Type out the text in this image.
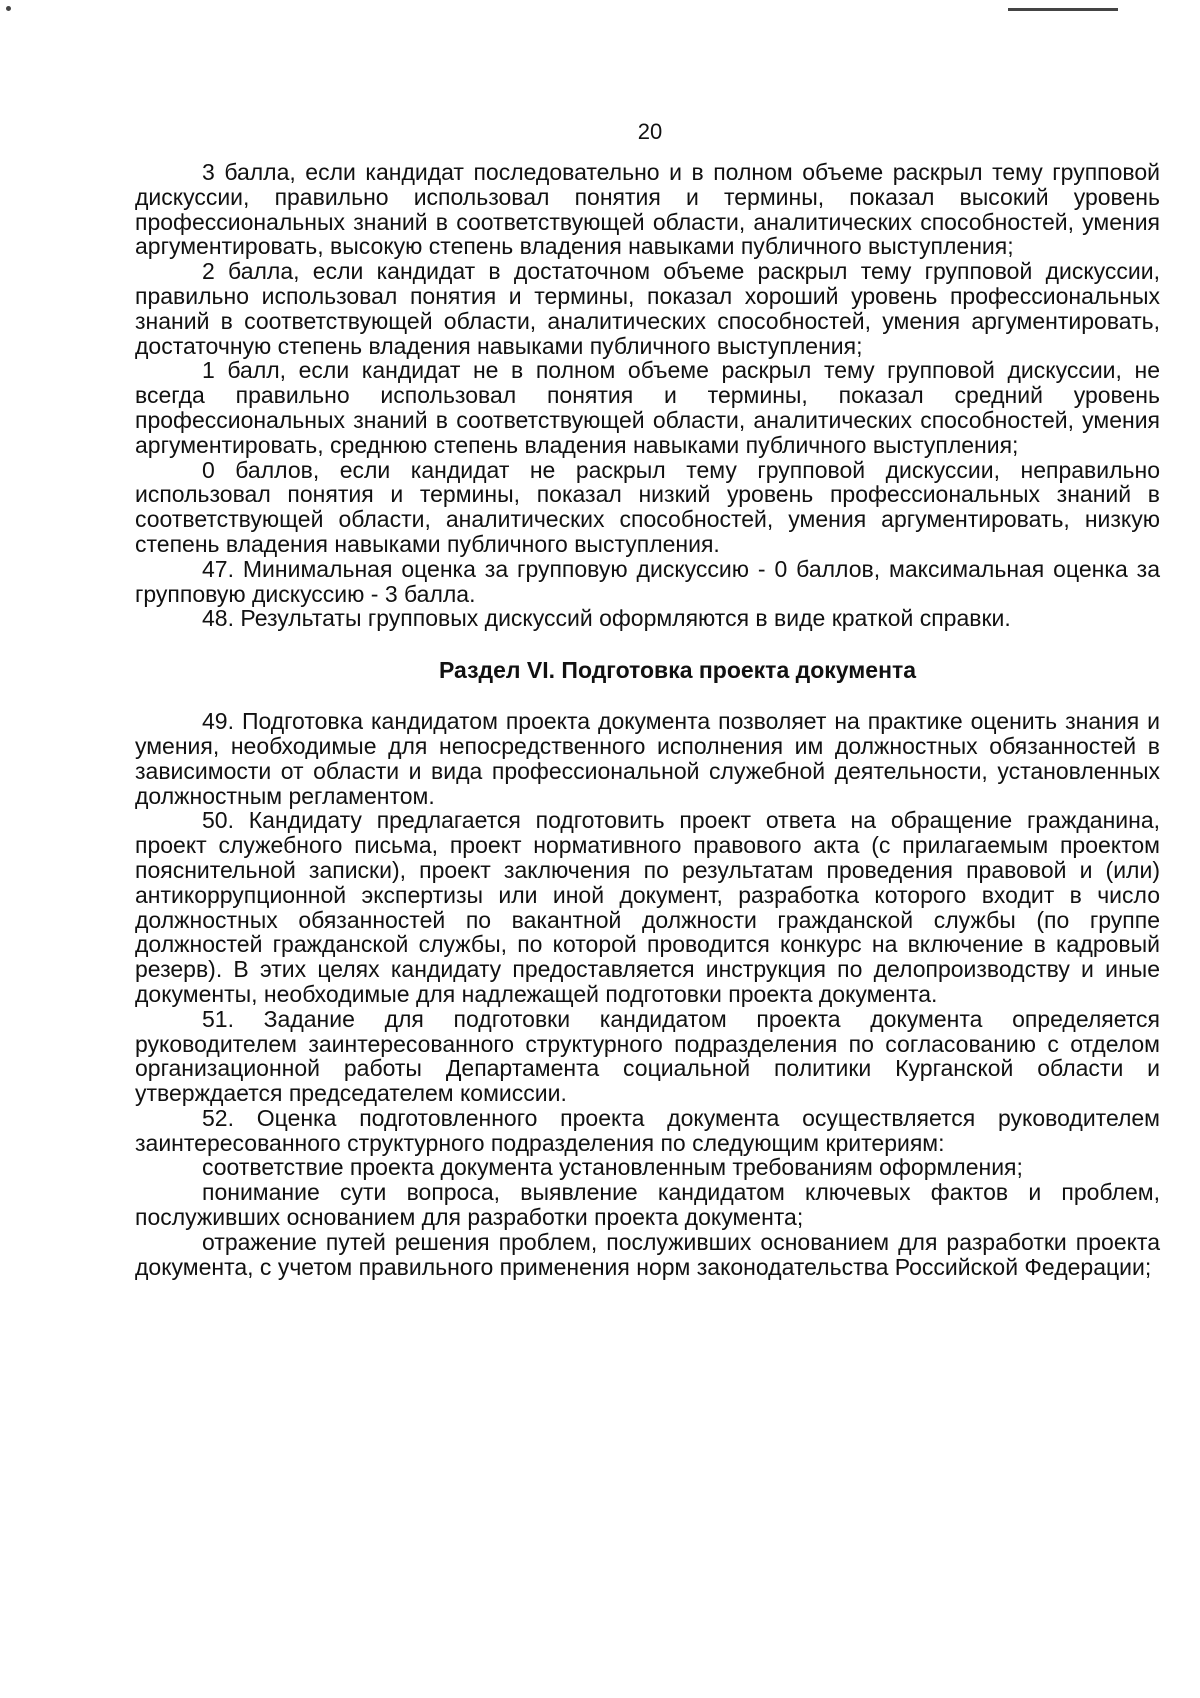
20

3 балла, если кандидат последовательно и в полном объеме раскрыл тему групповой дискуссии, правильно использовал понятия и термины, показал высокий уровень профессиональных знаний в соответствующей области, аналитических способностей, умения аргументировать, высокую степень владения навыками публичного выступления;

2 балла, если кандидат в достаточном объеме раскрыл тему групповой дискуссии, правильно использовал понятия и термины, показал хороший уровень профессиональных знаний в соответствующей области, аналитических способностей, умения аргументировать, достаточную степень владения навыками публичного выступления;

1 балл, если кандидат не в полном объеме раскрыл тему групповой дискуссии, не всегда правильно использовал понятия и термины, показал средний уровень профессиональных знаний в соответствующей области, аналитических способностей, умения аргументировать, среднюю степень владения навыками публичного выступления;

0 баллов, если кандидат не раскрыл тему групповой дискуссии, неправильно использовал понятия и термины, показал низкий уровень профессиональных знаний в соответствующей области, аналитических способностей, умения аргументировать, низкую степень владения навыками публичного выступления.

47. Минимальная оценка за групповую дискуссию - 0 баллов, максимальная оценка за групповую дискуссию - 3 балла.

48. Результаты групповых дискуссий оформляются в виде краткой справки.

Раздел VI. Подготовка проекта документа

49. Подготовка кандидатом проекта документа позволяет на практике оценить знания и умения, необходимые для непосредственного исполнения им должностных обязанностей в зависимости от области и вида профессиональной служебной деятельности, установленных должностным регламентом.

50. Кандидату предлагается подготовить проект ответа на обращение гражданина, проект служебного письма, проект нормативного правового акта (с прилагаемым проектом пояснительной записки), проект заключения по результатам проведения правовой и (или) антикоррупционной экспертизы или иной документ, разработка которого входит в число должностных обязанностей по вакантной должности гражданской службы (по группе должностей гражданской службы, по которой проводится конкурс на включение в кадровый резерв). В этих целях кандидату предоставляется инструкция по делопроизводству и иные документы, необходимые для надлежащей подготовки проекта документа.

51. Задание для подготовки кандидатом проекта документа определяется руководителем заинтересованного структурного подразделения по согласованию с отделом организационной работы Департамента социальной политики Курганской области и утверждается председателем комиссии.

52. Оценка подготовленного проекта документа осуществляется руководителем заинтересованного структурного подразделения по следующим критериям:

соответствие проекта документа установленным требованиям оформления;

понимание сути вопроса, выявление кандидатом ключевых фактов и проблем, послуживших основанием для разработки проекта документа;

отражение путей решения проблем, послуживших основанием для разработки проекта документа, с учетом правильного применения норм законодательства Российской Федерации;
